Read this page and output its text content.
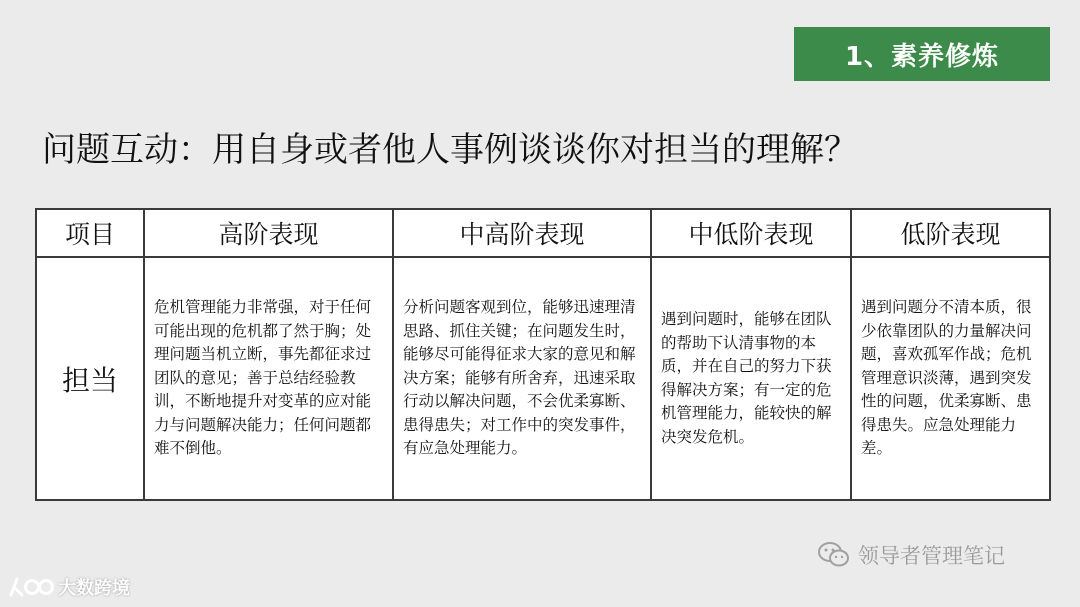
1、素养修炼
问题互动：用自身或者他人事例谈谈你对担当的理解？
项目	高阶表现	中高阶表现	中低阶表现	低阶表现
担当	危机管理能力非常强，对于任何可能出现的危机都了然于胸；处理问题当机立断，事先都征求过团队的意见；善于总结经验教训，不断地提升对变革的应对能力与问题解决能力；任何问题都难不倒他。	分析问题客观到位，能够迅速理清思路、抓住关键；在问题发生时，能够尽可能得征求大家的意见和解决方案；能够有所舍弃，迅速采取行动以解决问题，不会优柔寡断、患得患失；对工作中的突发事件，有应急处理能力。	遇到问题时，能够在团队的帮助下认清事物的本质，并在自己的努力下获得解决方案；有一定的危机管理能力，能较快的解决突发危机。	遇到问题分不清本质，很少依靠团队的力量解决问题，喜欢孤军作战；危机管理意识淡薄，遇到突发性的问题，优柔寡断、患得患失。应急处理能力差。
领导者管理笔记
大数跨境
